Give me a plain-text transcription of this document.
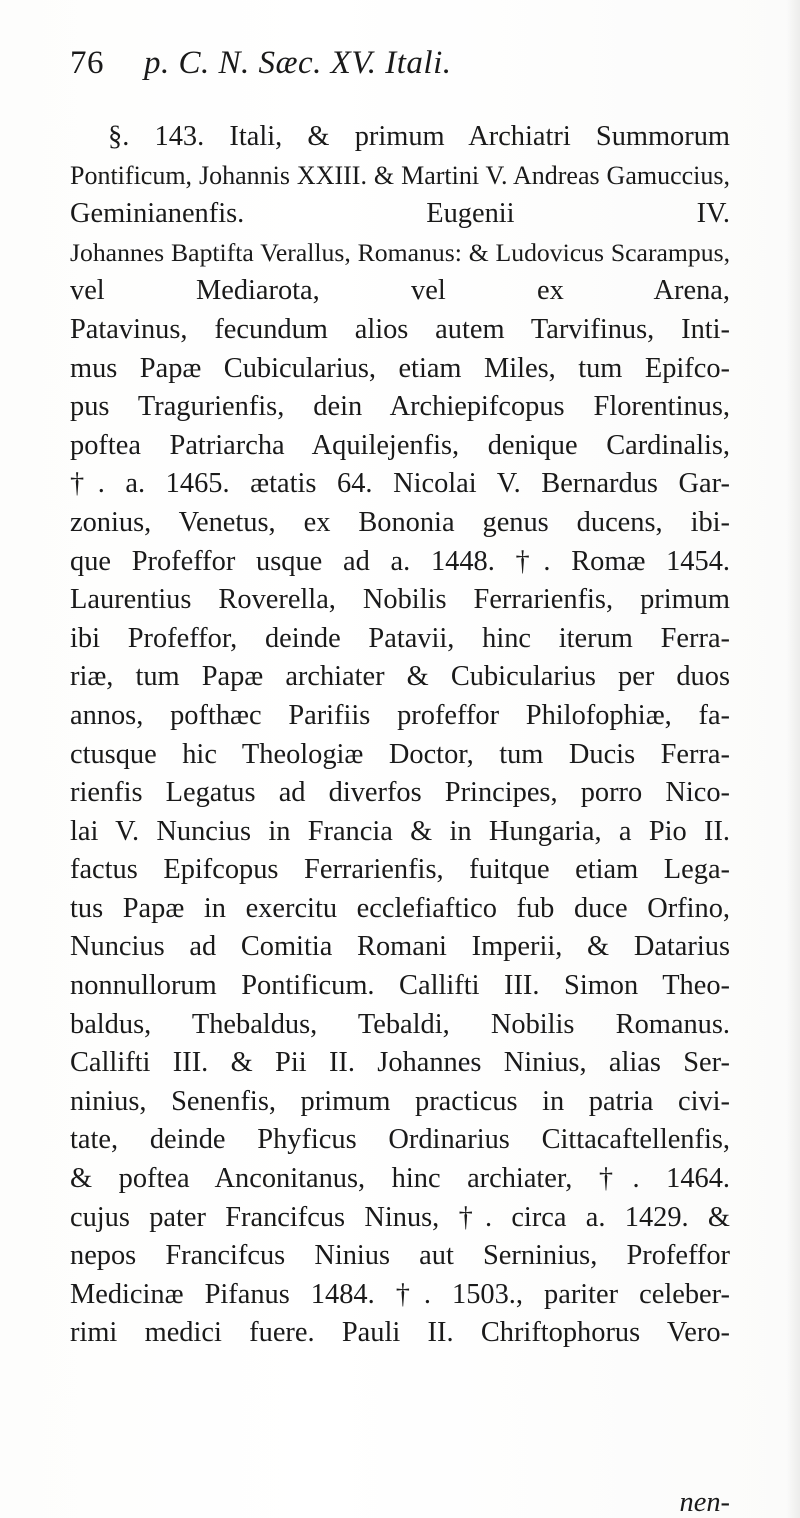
76 p. C. N. Sæc. XV. Itali.
§. 143. Itali, & primum Archiatri Summorum
Pontificum, Johannis XXIII. & Martini V. Andreas Gamuccius,
Geminianenfis. Eugenii IV.
Johannes Baptifta Verallus, Romanus: & Ludovicus Scarampus,
vel Mediarota, vel ex Arena,
Patavinus, fecundum alios autem Tarvifinus, Inti-
mus Papæ Cubicularius, etiam Miles, tum Epifco-
pus Tragurienfis, dein Archiepifcopus Florentinus,
poftea Patriarcha Aquilejenfis, denique Cardinalis,
†. a. 1465. ætatis 64. Nicolai V. Bernardus Gar-
zonius, Venetus, ex Bononia genus ducens, ibi-
que Profeffor usque ad a. 1448. †. Romæ 1454.
Laurentius Roverella, Nobilis Ferrarienfis, primum
ibi Profeffor, deinde Patavii, hinc iterum Ferra-
riæ, tum Papæ archiater & Cubicularius per duos
annos, pofthæc Parifiis profeffor Philofophiæ, fa-
ctusque hic Theologiæ Doctor, tum Ducis Ferra-
rienfis Legatus ad diverfos Principes, porro Nico-
lai V. Nuncius in Francia & in Hungaria, a Pio II.
factus Epifcopus Ferrarienfis, fuitque etiam Lega-
tus Papæ in exercitu ecclefiaftico fub duce Orfino,
Nuncius ad Comitia Romani Imperii, & Datarius
nonnullorum Pontificum. Callifti III. Simon Theo-
baldus, Thebaldus, Tebaldi, Nobilis Romanus.
Callifti III. & Pii II. Johannes Ninius, alias Ser-
ninius, Senenfis, primum practicus in patria civi-
tate, deinde Phyficus Ordinarius Cittacaftellenfis,
& poftea Anconitanus, hinc archiater, †. 1464.
cujus pater Francifcus Ninus, †. circa a. 1429. &
nepos Francifcus Ninius aut Serninius, Profeffor
Medicinæ Pifanus 1484. †. 1503., pariter celeber-
rimi medici fuere. Pauli II. Chriftophorus Vero-
nen-
